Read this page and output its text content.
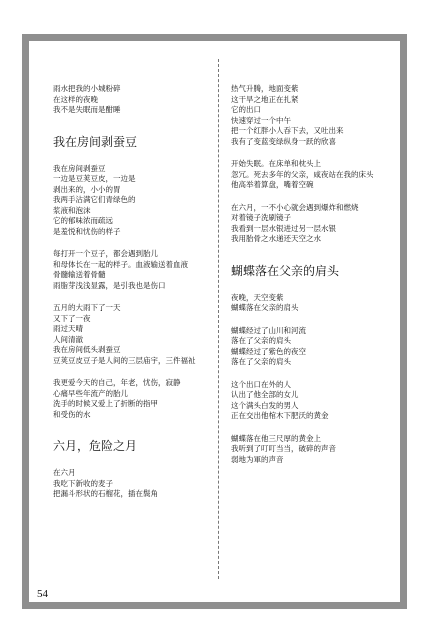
雨水把我的小城粉碎
在这样的夜晚
我不是失眠而是酣睡
我在房间剥蚕豆
我在房间剥蚕豆
一边是豆荚豆皮，一边是
剥出来的，小小的胃
我两手沾满它们青绿色的
浆液和泡沫
它的郁味浓而疏远
是羞悦和忧伤的样子
每打开一个豆子，都会遇到胎儿
和母体长在一起的样子。血液输送着血液
骨髓输送着骨髓
雨脂芽浅浅显露，是引我也是伤口
五月的大雨下了一天
又下了一夜
雨过天晴
人间清澈
我在房间低头剥蚕豆
豆荚豆皮豆子是人间的三层庙宇，三件福祉
我更爱今天的自己，年老，忧伤，寂静
心痛早些年流产的胎儿
洗手的时候又爱上了折断的指甲
和受伤的水
六月，危险之月
在六月
我吃下新收的麦子
把漏斗形状的石榴花，插在鬓角
热气升腾，地面变紫
这干旱之地正在扎紧
它的出口
快速穿过一个中午
把一个红胖小人吞下去，又吐出来
我有了变蓝变绿纵身一跃的欣喜
开始失眠。在床单和枕头上
忽冗。死去多年的父亲，咸夜站在我的床头
他高举着算盘，嘴着空碗
在六月，一不小心就会遇到爆炸和燃烧
对着镜子洗刷镜子
我看到一层水银进过另一层水银
我用胎骨之水递还天空之水
蝴蝶落在父亲的肩头
夜晚，天空变紫
蝴蝶落在父亲的肩头
蝴蝶经过了山川和河流
落在了父亲的肩头
蝴蝶经过了紫色的夜空
落在了父亲的肩头
这个出口在外的人
认出了他全部的女儿
这个满头白发的男人
正在交出他棺木下肥沃的黄金
蝴蝶落在他三尺厚的黄金上
我听到了叮叮当当，破碎的声音
弱地为軍的声音
54
